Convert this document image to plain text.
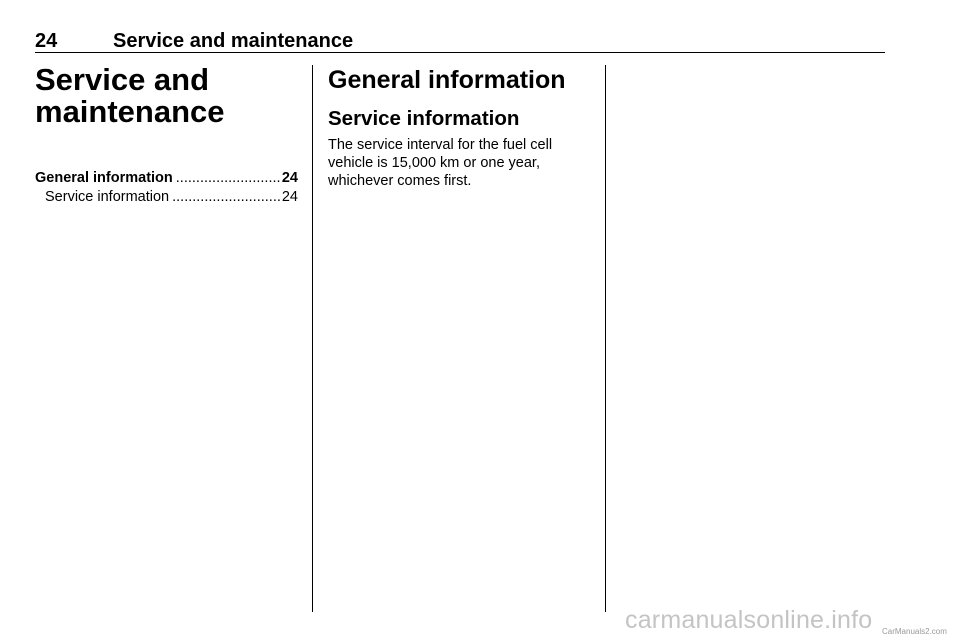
24	Service and maintenance
Service and maintenance
General information .....	24
Service information .....	24
General information
Service information

The service interval for the fuel cell vehicle is 15,000 km or one year, whichever comes first.

carmanualsonline.info CarManuals2.com
